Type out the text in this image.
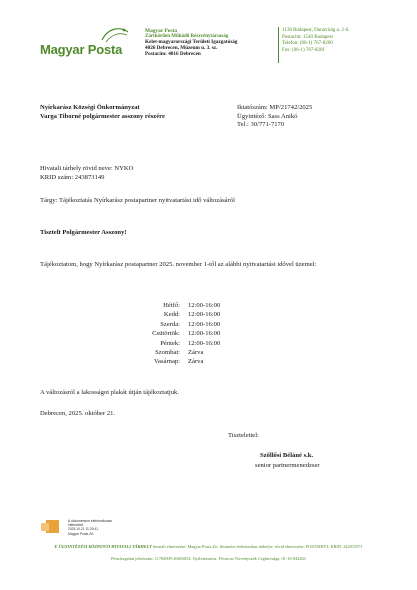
Magyar Posta
Magyar Posta
Zártkörűen Működő Részvénytársaság
Kelet-magyarországi Területi Igazgatóság
4026 Debrecen, Múzeum u. 3. sz.
Postacím: 4016 Debrecen
1138 Budapest, Dunavirág u. 2-6.
Postacím: 1540 Budapest
Telefon: (06-1) 767-8200
Fax: (06-1) 767-8201
Nyírkarász Községi Önkormányzat
Varga Tiborné polgármester asszony részére
Iktatószám: MP/21742/2025
Ügyintéző: Sass Anikó
Tel.: 30/771-7170
Hivatali tárhely rövid neve: NYKO
KRID szám: 243873149
Tárgy: Tájékoztatás Nyírkarász postapartner nyitvatartási idő változásáról
Tisztelt Polgármester Asszony!
Tájékoztatom, hogy Nyírkarász postapartner 2025. november 1-től az alábbi nyitvatartási idővel üzemel:
Hétfő:	12:00-16:00
Kedd:	12:00-16:00
Szerda:	12:00-16:00
Csütörtök:	12:00-16:00
Péntek:	12:00-16:00
Szombat:	Zárva
Vasárnap:	Zárva
A változásról a lakosságot plakát útján tájékoztatjuk.
Debrecen, 2025. október 21.
Tisztelettel:
Szőllősi Béláné s.k.
senior partnermenedzser
A dokumentum elektronikusan hitelesített.
2025.10.21 11:29:41
Magyar Posta Zrt.
E-ÜGYINTÉZÉSI KÖZPONTI HIVATALI TÁRHELY hivatali elnevezése: Magyar Posta Zrt. hivatalos elektronikus tárhelye; rövid elnevezése: POSTAHIVI; KRID: 242915571
Pénzforgalmi jelzőszám: 11784009-20603052; Nyilvántartva: Fővárosi Törvényszék Cégbírósága, 01-10-042463
